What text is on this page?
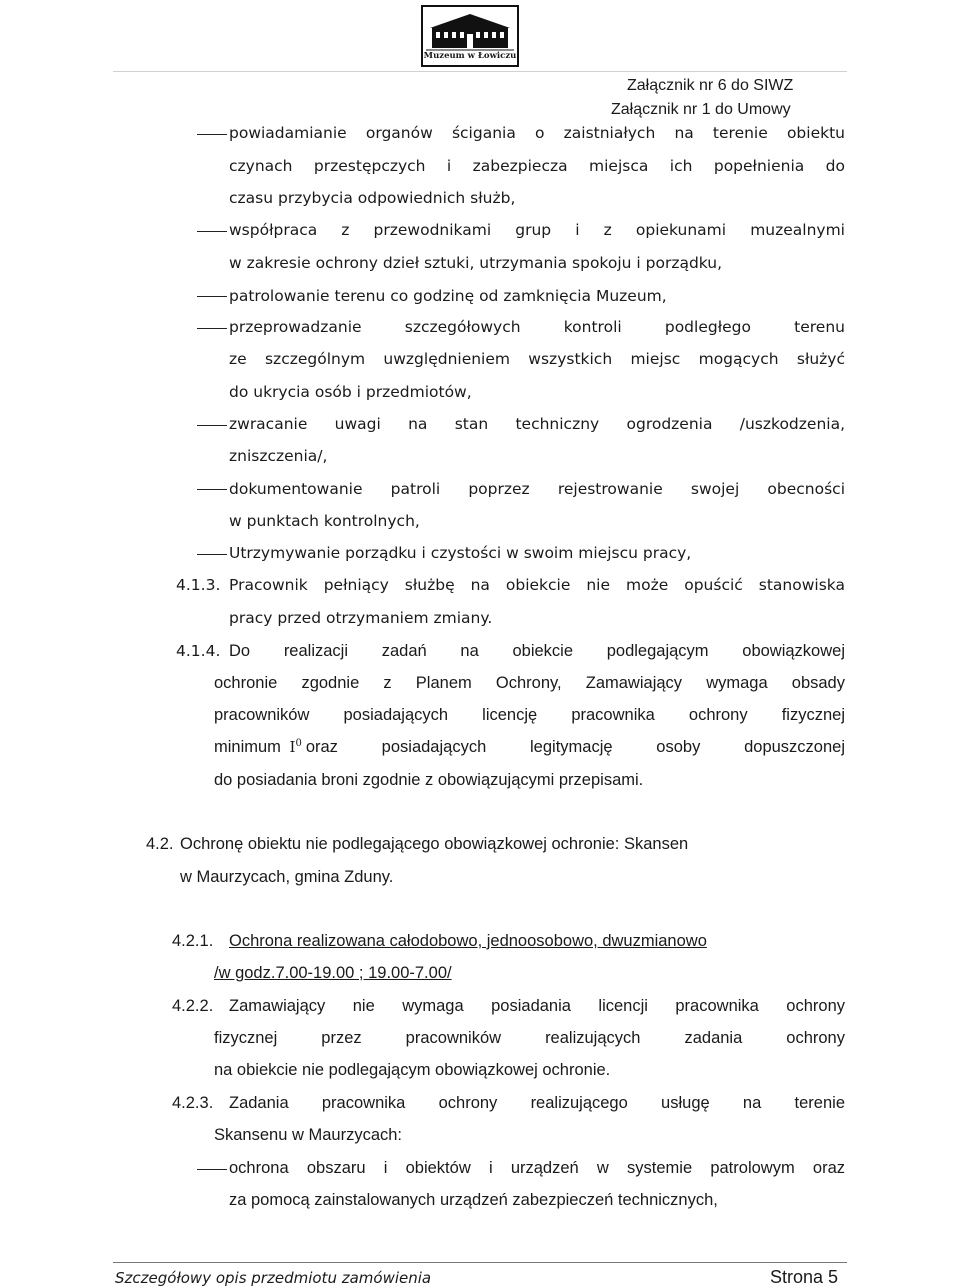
Muzeum w Łowiczu
Załącznik nr 6 do SIWZ
Załącznik nr 1 do Umowy
powiadamianie organów ścigania o zaistniałych na terenie obiektu
czynach przestępczych i zabezpiecza miejsca ich popełnienia do
czasu przybycia odpowiednich służb,
współpraca z przewodnikami grup i z opiekunami muzealnymi
w zakresie ochrony dzieł sztuki, utrzymania spokoju i porządku,
patrolowanie terenu co godzinę od zamknięcia Muzeum,
przeprowadzanie szczegółowych kontroli podległego terenu
ze szczególnym uwzględnieniem wszystkich miejsc mogących służyć
do ukrycia osób i przedmiotów,
zwracanie uwagi na stan techniczny ogrodzenia /uszkodzenia,
zniszczenia/,
dokumentowanie patroli poprzez rejestrowanie swojej obecności
w punktach kontrolnych,
Utrzymywanie porządku i czystości w swoim miejscu pracy,
4.1.3. Pracownik pełniący służbę na obiekcie nie może opuścić stanowiska
pracy przed otrzymaniem zmiany.
4.1.4. Do realizacji zadań na obiekcie podlegającym obowiązkowej
ochronie zgodnie z Planem Ochrony, Zamawiający wymaga obsady
pracowników posiadających licencję pracownika ochrony fizycznej
minimum $I^0$ oraz posiadających legitymację osoby dopuszczonej
do posiadania broni zgodnie z obowiązującymi przepisami.
4.2. Ochronę obiektu nie podlegającego obowiązkowej ochronie: Skansen
w Maurzycach, gmina Zduny.
4.2.1. Ochrona realizowana całodobowo, jednoosobowo, dwuzmianowo
/w godz.7.00-19.00 ; 19.00-7.00/
4.2.2. Zamawiający nie wymaga posiadania licencji pracownika ochrony
fizycznej przez pracowników realizujących zadania ochrony
na obiekcie nie podlegającym obowiązkowej ochronie.
4.2.3. Zadania pracownika ochrony realizującego usługę na terenie
Skansenu w Maurzycach:
ochrona obszaru i obiektów i urządzeń w systemie patrolowym oraz
za pomocą zainstalowanych urządzeń zabezpieczeń technicznych,
Szczegółowy opis przedmiotu zamówienia	Strona 5
